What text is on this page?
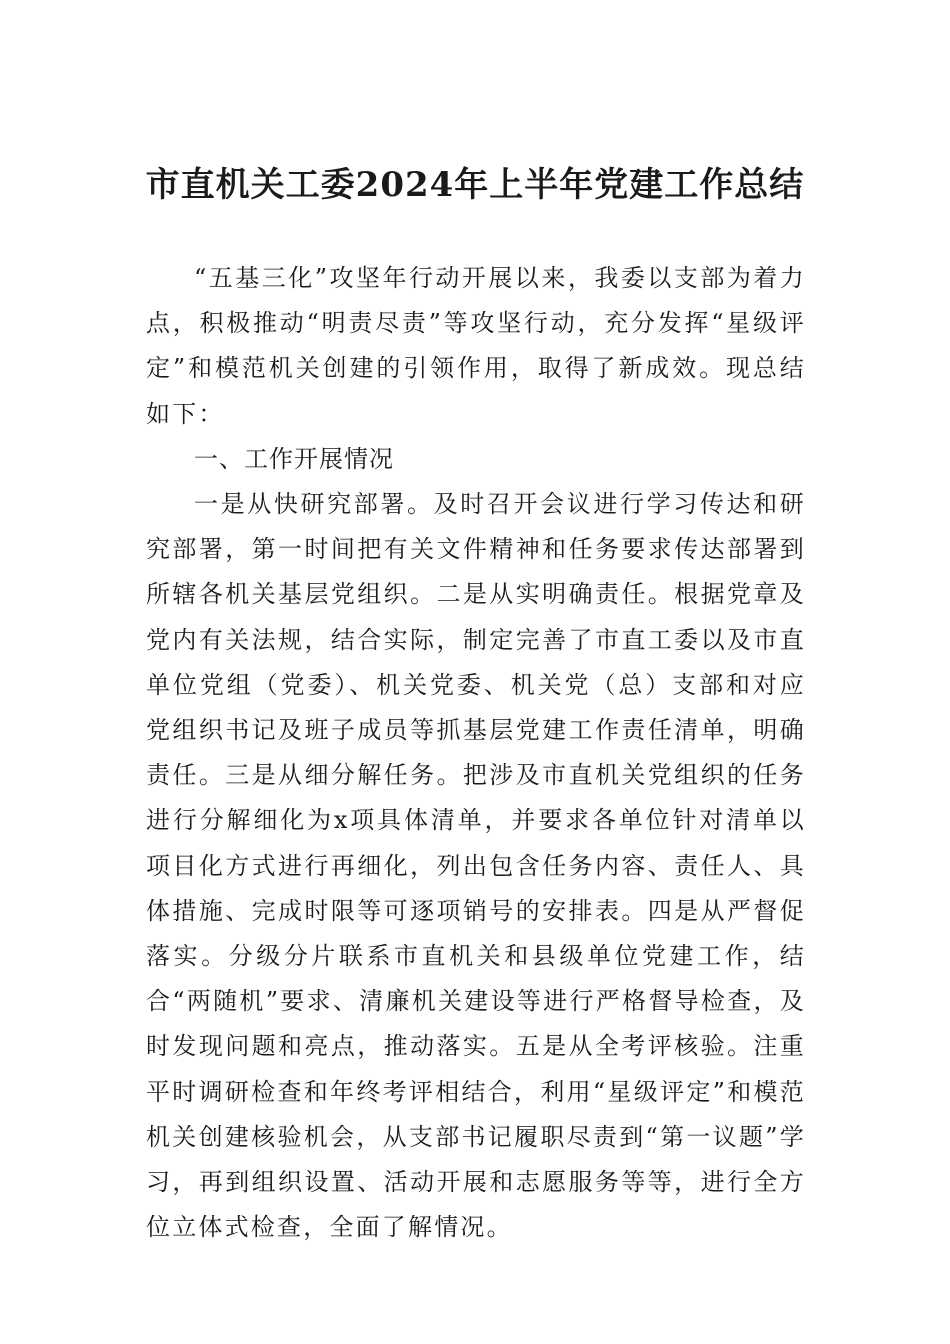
市直机关工委2024年上半年党建工作总结

“五基三化”攻坚年行动开展以来，我委以支部为着力点，积极推动“明责尽责”等攻坚行动，充分发挥“星级评定”和模范机关创建的引领作用，取得了新成效。现总结如下：

一、工作开展情况

一是从快研究部署。及时召开会议进行学习传达和研究部署，第一时间把有关文件精神和任务要求传达部署到所辖各机关基层党组织。二是从实明确责任。根据党章及党内有关法规，结合实际，制定完善了市直工委以及市直单位党组（党委）、机关党委、机关党（总）支部和对应党组织书记及班子成员等抓基层党建工作责任清单，明确责任。三是从细分解任务。把涉及市直机关党组织的任务进行分解细化为x项具体清单，并要求各单位针对清单以项目化方式进行再细化，列出包含任务内容、责任人、具体措施、完成时限等可逐项销号的安排表。四是从严督促落实。分级分片联系市直机关和县级单位党建工作，结合“两随机”要求、清廉机关建设等进行严格督导检查，及时发现问题和亮点，推动落实。五是从全考评核验。注重平时调研检查和年终考评相结合，利用“星级评定”和模范机关创建核验机会，从支部书记履职尽责到“第一议题”学习，再到组织设置、活动开展和志愿服务等等，进行全方位立体式检查，全面了解情况。
